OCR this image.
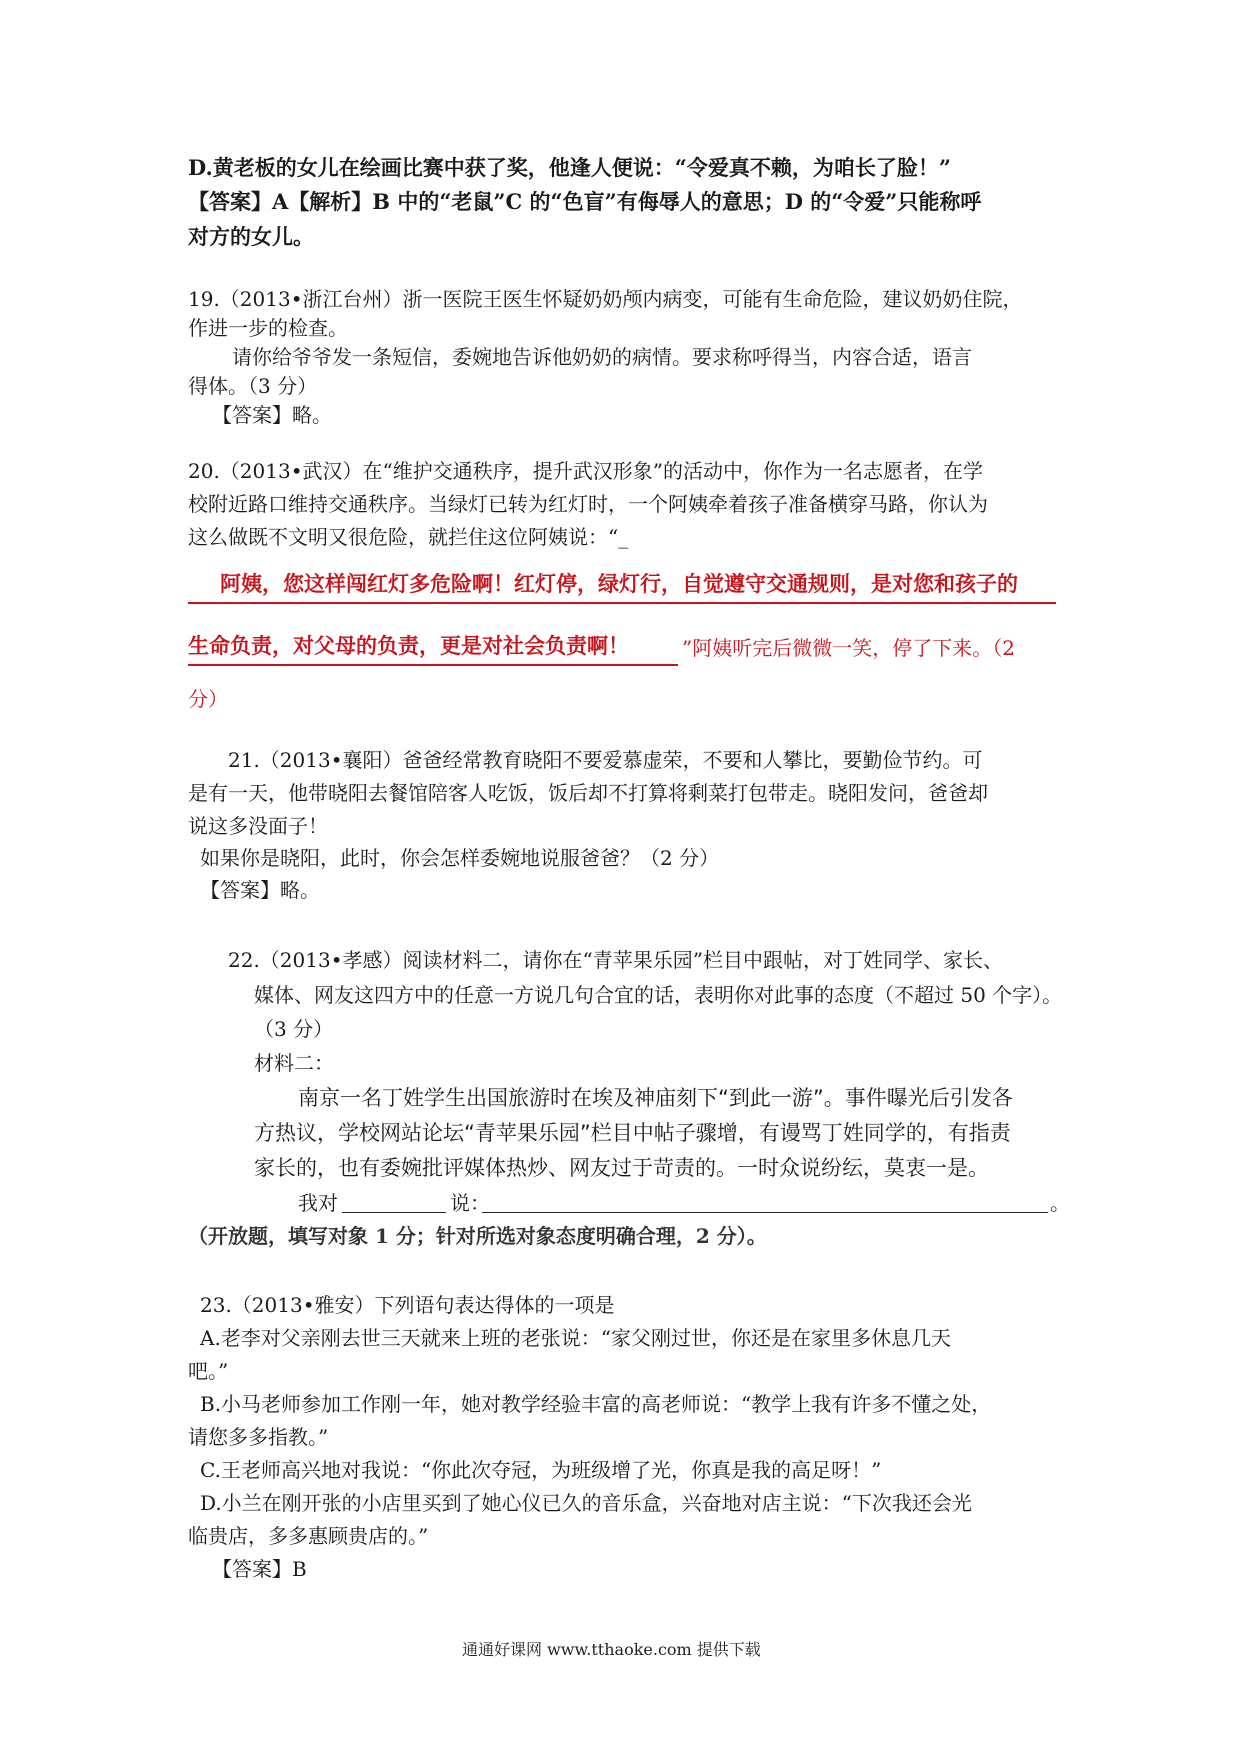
D.黄老板的女儿在绘画比赛中获了奖，他逢人便说：“令爱真不赖，为咱长了脸！”
【答案】A【解析】B 中的“老鼠”C 的“色盲”有侮辱人的意思；D 的“令爱”只能称呼
对方的女儿。
19.（2013•浙江台州）浙一医院王医生怀疑奶奶颅内病变，可能有生命危险，建议奶奶住院，
作进一步的检查。
请你给爷爷发一条短信，委婉地告诉他奶奶的病情。要求称呼得当，内容合适，语言
得体。（3 分）
【答案】略。
20.（2013•武汉）在“维护交通秩序，提升武汉形象”的活动中，你作为一名志愿者，在学
校附近路口维持交通秩序。当绿灯已转为红灯时，一个阿姨牵着孩子准备横穿马路，你认为
这么做既不文明又很危险，就拦住这位阿姨说：“_
阿姨，您这样闯红灯多危险啊！红灯停，绿灯行，自觉遵守交通规则，是对您和孩子的
生命负责，对父母的负责，更是对社会负责啊！	”阿姨听完后微微一笑，停了下来。（2
分）
21.（2013•襄阳）爸爸经常教育晓阳不要爱慕虚荣，不要和人攀比，要勤俭节约。可
是有一天，他带晓阳去餐馆陪客人吃饭，饭后却不打算将剩菜打包带走。晓阳发问，爸爸却
说这多没面子！
如果你是晓阳，此时，你会怎样委婉地说服爸爸？（2 分）
【答案】略。
22.（2013•孝感）阅读材料二，请你在“青苹果乐园”栏目中跟帖，对丁姓同学、家长、
媒体、网友这四方中的任意一方说几句合宜的话，表明你对此事的态度（不超过 50 个字）。
（3 分）
材料二：
南京一名丁姓学生出国旅游时在埃及神庙刻下“到此一游”。事件曝光后引发各
方热议，学校网站论坛“青苹果乐园”栏目中帖子骤增，有谩骂丁姓同学的，有指责
家长的，也有委婉批评媒体热炒、网友过于苛责的。一时众说纷纭，莫衷一是。
我对	说：	。
（开放题，填写对象 1 分；针对所选对象态度明确合理，2 分）。
23.（2013•雅安）下列语句表达得体的一项是
A.老李对父亲刚去世三天就来上班的老张说：“家父刚过世，你还是在家里多休息几天
吧。”
B.小马老师参加工作刚一年，她对教学经验丰富的高老师说：“教学上我有许多不懂之处，
请您多多指教。”
C.王老师高兴地对我说：“你此次夺冠，为班级增了光，你真是我的高足呀！”
D.小兰在刚开张的小店里买到了她心仪已久的音乐盒，兴奋地对店主说：“下次我还会光
临贵店，多多惠顾贵店的。”
【答案】B
通通好课网 www.tthaoke.com 提供下载
